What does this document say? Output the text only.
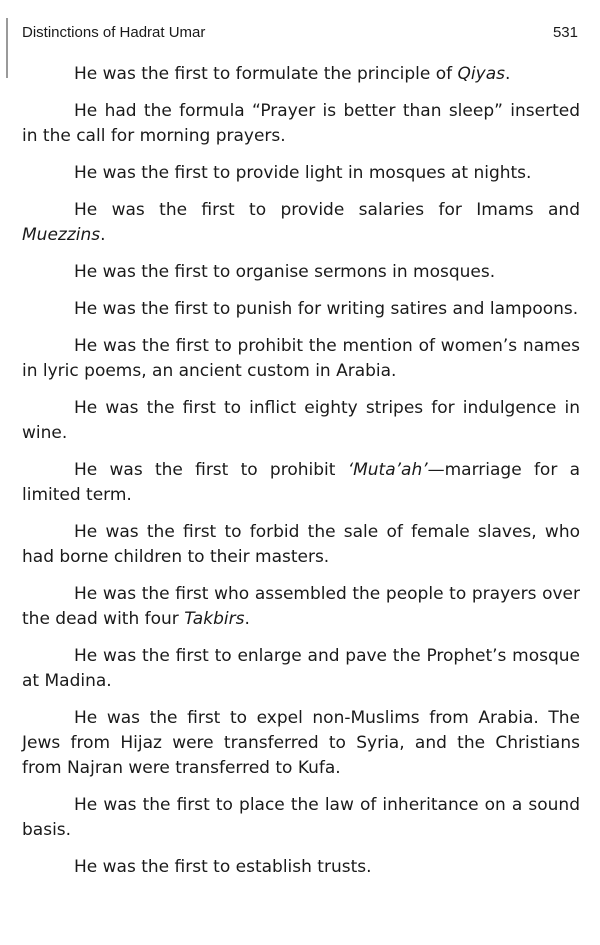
Distinctions of Hadrat Umar	531

He was the first to formulate the principle of Qiyas.

He had the formula “Prayer is better than sleep” inserted in the call for morning prayers.

He was the first to provide light in mosques at nights.

He was the first to provide salaries for Imams and Muezzins.

He was the first to organise sermons in mosques.

He was the first to punish for writing satires and lampoons.

He was the first to prohibit the mention of women’s names in lyric poems, an ancient custom in Arabia.

He was the first to inflict eighty stripes for indulgence in wine.

He was the first to prohibit ‘Muta’ah’—marriage for a limited term.

He was the first to forbid the sale of female slaves, who had borne children to their masters.

He was the first who assembled the people to prayers over the dead with four Takbirs.

He was the first to enlarge and pave the Prophet’s mosque at Madina.

He was the first to expel non-Muslims from Arabia. The Jews from Hijaz were transferred to Syria, and the Christians from Najran were transferred to Kufa.

He was the first to place the law of inheritance on a sound basis.

He was the first to establish trusts.
